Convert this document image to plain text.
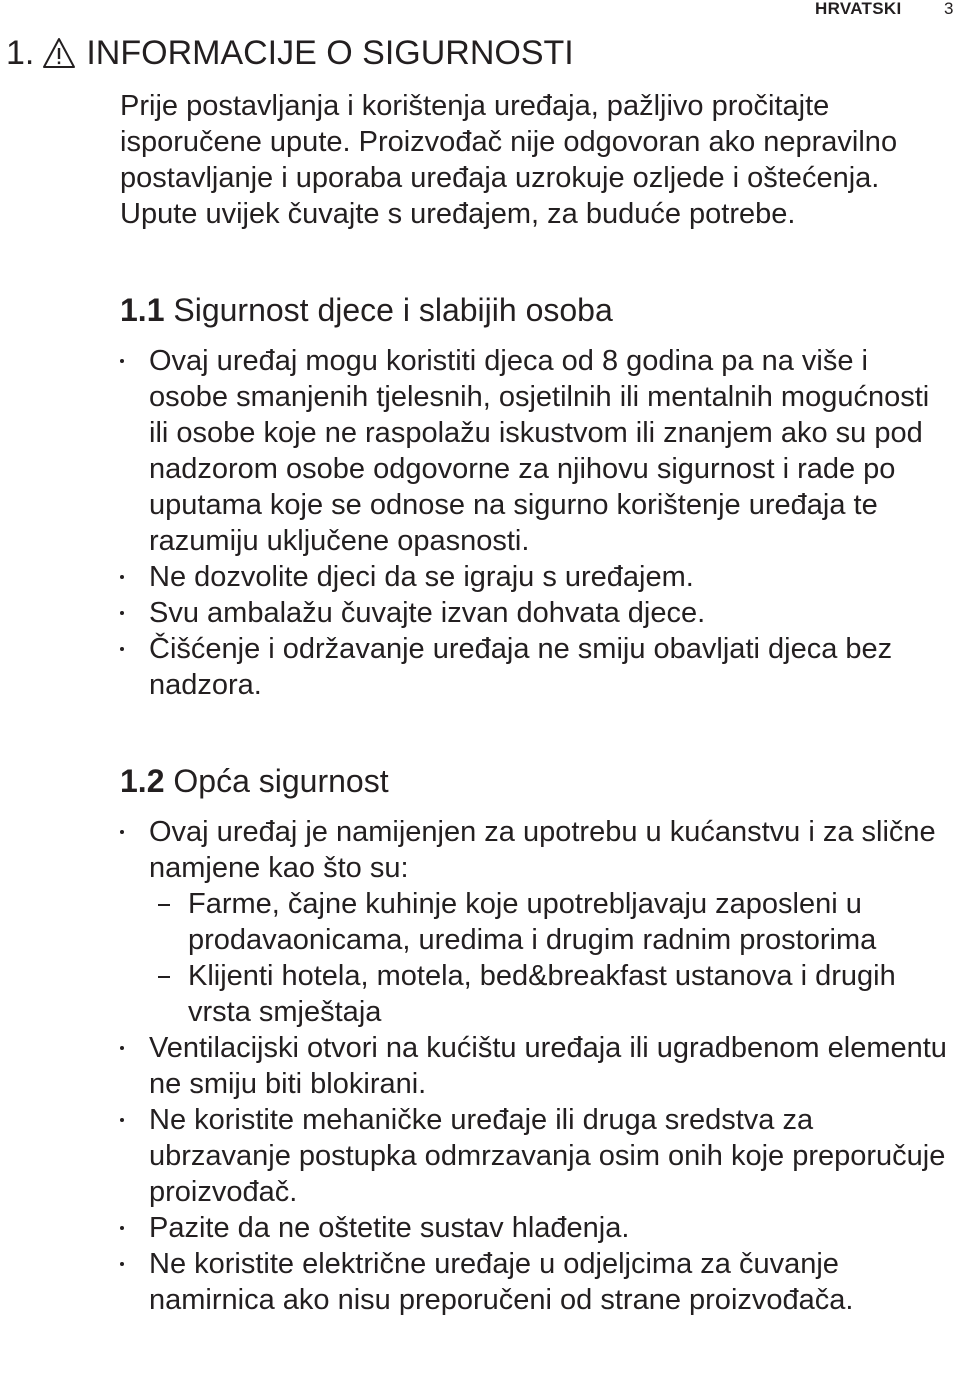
HRVATSKI	3
1. INFORMACIJE O SIGURNOSTI

Prije postavljanja i korištenja uređaja, pažljivo pročitajte isporučene upute. Proizvođač nije odgovoran ako nepravilno postavljanje i uporaba uređaja uzrokuje ozljede i oštećenja. Upute uvijek čuvajte s uređajem, za buduće potrebe.

1.1 Sigurnost djece i slabijih osoba
Ovaj uređaj mogu koristiti djeca od 8 godina pa na više i osobe smanjenih tjelesnih, osjetilnih ili mentalnih mogućnosti ili osobe koje ne raspolažu iskustvom ili znanjem ako su pod nadzorom osobe odgovorne za njihovu sigurnost i rade po uputama koje se odnose na sigurno korištenje uređaja te razumiju uključene opasnosti.
Ne dozvolite djeci da se igraju s uređajem.
Svu ambalažu čuvajte izvan dohvata djece.
Čišćenje i održavanje uređaja ne smiju obavljati djeca bez nadzora.
1.2 Opća sigurnost
Ovaj uređaj je namijenjen za upotrebu u kućanstvu i za slične namjene kao što su:
Farme, čajne kuhinje koje upotrebljavaju zaposleni u prodavaonicama, uredima i drugim radnim prostorima
Klijenti hotela, motela, bed&breakfast ustanova i drugih vrsta smještaja
Ventilacijski otvori na kućištu uređaja ili ugradbenom elementu ne smiju biti blokirani.
Ne koristite mehaničke uređaje ili druga sredstva za ubrzavanje postupka odmrzavanja osim onih koje preporučuje proizvođač.
Pazite da ne oštetite sustav hlađenja.
Ne koristite električne uređaje u odjeljcima za čuvanje namirnica ako nisu preporučeni od strane proizvođača.
